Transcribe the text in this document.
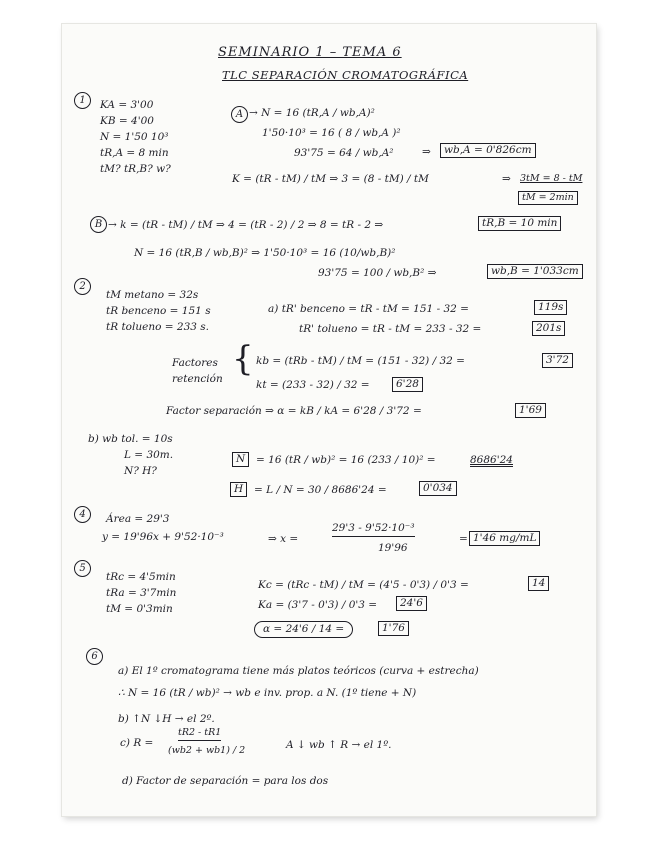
SEMINARIO 1 – TEMA 6
TLC SEPARACIÓN CROMATOGRÁFICA
1	KA = 3'00
KB = 4'00
N = 1'50 10³
tR,A = 8 min
tM? tR,B? w?
A → N = 16 (tR,A / wb,A)²
1'50·10³ = 16 ( 8 / wb,A )²
93'75 = 64 / wb,A²	⇒	wb,A = 0'826cm
K = (tR - tM) / tM ⇒ 3 = (8 - tM) / tM	⇒ 3tM = 8 - tM
tM = 2min
B → k = (tR - tM) / tM ⇒ 4 = (tR - 2) / 2 ⇒ 8 = tR - 2 ⇒	tR,B = 10 min
N = 16 (tR,B / wb,B)² ⇒ 1'50·10³ = 16 (10/wb,B)²
93'75 = 100 / wb,B² ⇒	wb,B = 1'033cm
2
tM metano = 32s
tR benceno = 151 s
tR tolueno = 233 s.
a) tR' benceno = tR - tM = 151 - 32 =	119s
tR' tolueno = tR - tM = 233 - 32 =	201s
Factores
retención { kb = (tRb - tM) / tM = (151 - 32) / 32 =	3'72
kt = (233 - 32) / 32 =	6'28
Factor separación ⇒ α = kB / kA = 6'28 / 3'72 =	1'69
b) wb tol. = 10s
L = 30m.
N? H?
N	= 16 (tR / wb)² = 16 (233 / 10)² =	8686'24
H	= L / N = 30 / 8686'24 =	0'034
4	Área = 29'3
y = 19'96x + 9'52·10⁻³	⇒ x =
29'3 - 9'52·10⁻³
19'96
= 1'46 mg/mL
5
tRc = 4'5min
tRa = 3'7min
tM = 0'3min
Kc = (tRc - tM) / tM = (4'5 - 0'3) / 0'3 =	14
Ka = (3'7 - 0'3) / 0'3 =	24'6
α = 24'6 / 14 =	1'76
6
a) El 1º cromatograma tiene más platos teóricos (curva + estrecha)
∴ N = 16 (tR / wb)² → wb e inv. prop. a N. (1º tiene + N)
b) ↑N ↓H → el 2º.
c) R =
tR2 - tR1
(wb2 + wb1) / 2	A ↓ wb ↑ R → el 1º.
d) Factor de separación = para los dos
